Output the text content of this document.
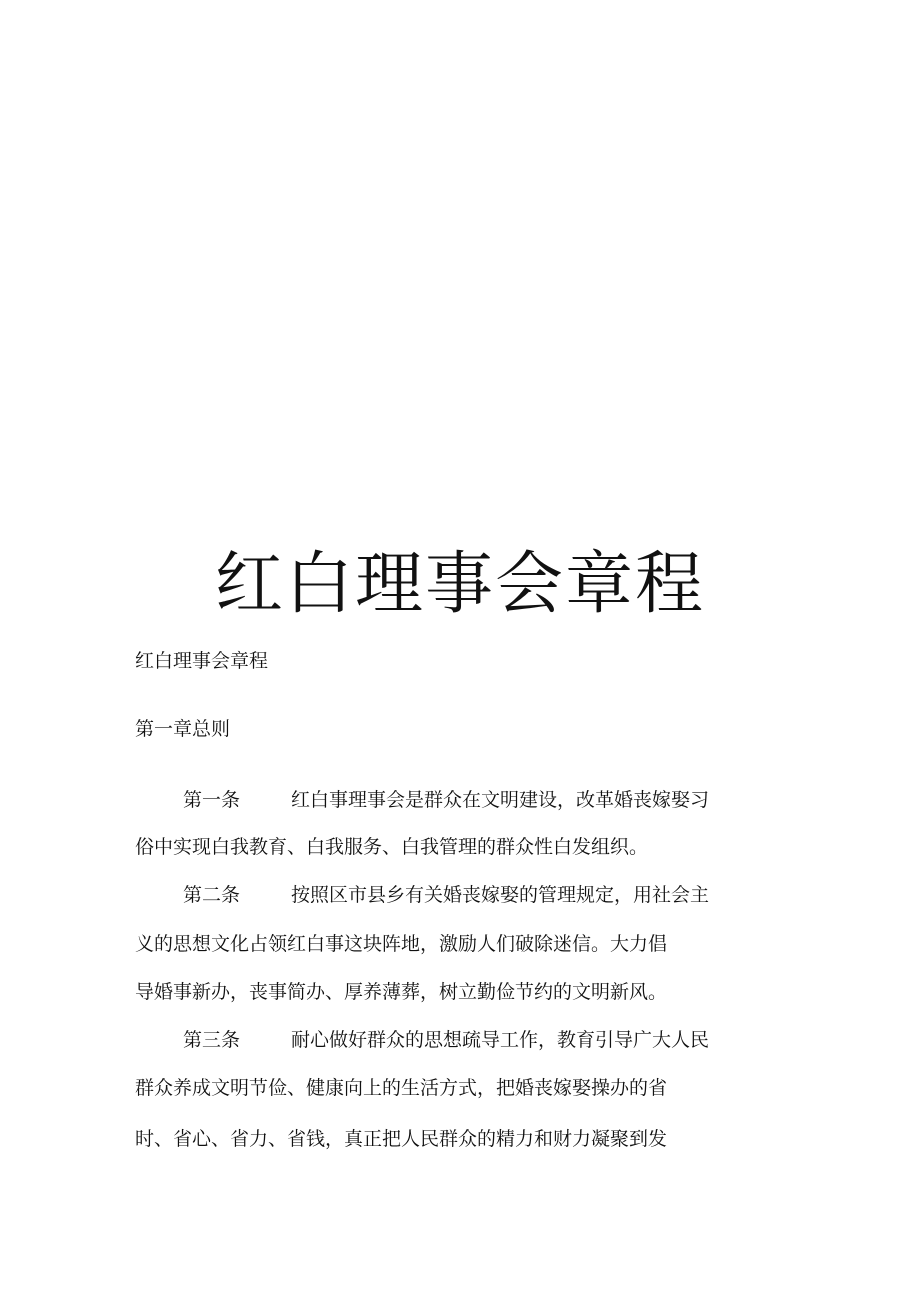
红白理事会章程

红白理事会章程

第一章总则

第一条	红白事理事会是群众在文明建设，改革婚丧嫁娶习

俗中实现白我教育、白我服务、白我管理的群众性白发组织。

第二条	按照区市县乡有关婚丧嫁娶的管理规定，用社会主

义的思想文化占领红白事这块阵地，激励人们破除迷信。大力倡

导婚事新办，丧事简办、厚养薄葬，树立勤俭节约的文明新风。

第三条	耐心做好群众的思想疏导工作，教育引导广大人民

群众养成文明节俭、健康向上的生活方式，把婚丧嫁娶操办的省

时、省心、省力、省钱，真正把人民群众的精力和财力凝聚到发
